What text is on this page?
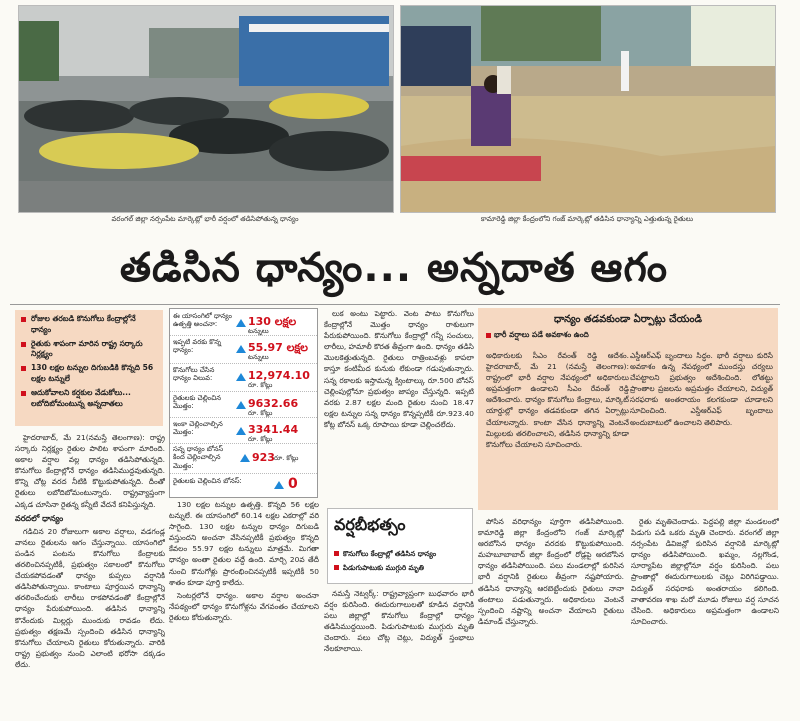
వరంగల్ జిల్లా నర్సంపేట మార్కెట్లో భారీ వర్షంలో తడిసిపోతున్న ధాన్యం	కామారెడ్డి జిల్లా కేంద్రంలోని గంజ్ మార్కెట్లో తడిసిన ధాన్యాన్ని ఎత్తుతున్న రైతులు
తడిసిన ధాన్యం... అన్నదాత ఆగం
రోజుల తరబడి కొనుగోలు కేంద్రాల్లోనే ధాన్యం
రైతుకు శాపంగా మారిన రాష్ట్ర సర్కారు నిర్లక్ష్యం
130 లక్షల టన్నుల దిగుబడికి కొన్నది 56 లక్షల టన్నులే
ఆదుకోవాలని కర్షకుల వేడుకోలు... లబోదిబోమంటున్న అన్నదాతలు

హైదరాబాద్, మే 21(నమస్తే తెలంగాణ): రాష్ట్ర సర్కారు నిర్లక్ష్యం రైతుల పాలిట శాపంగా మారింది. అకాల వర్షాల వల్ల ధాన్యం తడిసిపోతున్నది. కొనుగోలు కేంద్రాల్లోనే ధాన్యం తడిసిముద్దవుతున్నది. కొన్ని చోట్ల వరద నీటికి కొట్టుకుపోతున్నది. దీంతో రైతులు లబోదిబోమంటున్నారు. రాష్ట్రవ్యాప్తంగా ఎక్కడ చూసినా రైతన్న కన్నీటి వేదనే కనిపిస్తున్నది.

వరదలో ధాన్యం

గడిచిన 20 రోజులుగా అకాల వర్షాలు, వడగండ్ల వానలు రైతులను ఆగం చేస్తున్నాయి. యాసంగిలో పండిన పంటను కొనుగోలు కేంద్రాలకు తరలించినప్పటికీ, ప్రభుత్వం సకాలంలో కొనుగోలు చేయకపోవడంతో ధాన్యం కుప్పలు వర్షానికి తడిసిపోతున్నాయి. కాంటాలు పూర్తయిన ధాన్యాన్ని తరలించేందుకు లారీలు రాకపోవడంతో కేంద్రాల్లోనే ధాన్యం పేరుకుపోయింది. తడిసిన ధాన్యాన్ని కొనేందుకు మిల్లర్లు ముందుకు రావడం లేదు. ప్రభుత్వం తక్షణమే స్పందించి తడిసిన ధాన్యాన్ని కొనుగోలు చేయాలని రైతులు కోరుతున్నారు. వారికి రాష్ట్ర ప్రభుత్వం నుంచి ఎలాంటి భరోసా దక్కడం లేదు.

ఈ యాసంగిలో ధాన్యం ఉత్పత్తి అంచనా:	130 లక్షల
టన్నులు
ఇప్పటి వరకు కొన్న ధాన్యం:	55.97 లక్షల
టన్నులు
కొనుగోలు చేసిన ధాన్యం విలువ:	12,974.10
రూ. కోట్లు
రైతులకు చెల్లించిన మొత్తం:	9632.66
రూ. కోట్లు
ఇంకా చెల్లించాల్సిన మొత్తం:	3341.44
రూ. కోట్లు
సన్న ధాన్యం బోనస్ కింద చెల్లించాల్సిన మొత్తం:
923 రూ. కోట్లు
రైతులకు చెల్లించిన బోనస్:	0

130 లక్షల టన్నుల ఉత్పత్తి. కొన్నది 56 లక్షల టన్నులే. ఈ యాసంగిలో 60.14 లక్షల ఎకరాల్లో వరి సాగైంది. 130 లక్షల టన్నుల ధాన్యం దిగుబడి వస్తుందని అంచనా వేసినప్పటికీ ప్రభుత్వం కొన్నది కేవలం 55.97 లక్షల టన్నులు మాత్రమే. మిగతా ధాన్యం అంతా రైతుల వద్దే ఉంది. మార్చి 20వ తేదీ నుంచి కొనుగోళ్లు ప్రారంభించినప్పటికీ ఇప్పటికీ 50 శాతం కూడా పూర్తి కాలేదు.

సెంటర్లలోనే ధాన్యం. అకాల వర్షాల అంచనా నేపథ్యంలో ధాన్యం కొనుగోళ్లను వేగవంతం చేయాలని రైతులు కోరుతున్నారు.

లుక అంటు పెట్టారు. వెంట పాటు కొనుగోలు కేంద్రాల్లోనే మొత్తం ధాన్యం రాశులుగా పేరుకుపోయింది. కొనుగోలు కేంద్రాల్లో గన్నీ సంచులు, లారీలు, హమాలీ కొరత తీవ్రంగా ఉంది. ధాన్యం తడిసి మొలకెత్తుతున్నది. రైతులు రాత్రింబవళ్లు కాపలా కాస్తూ కంటిమీద కునుకు లేకుండా గడుపుతున్నారు. సన్న రకాలకు ఇస్తామన్న క్వింటాల్కు రూ.500 బోనస్ చెల్లింపుల్లోనూ ప్రభుత్వం జాప్యం చేస్తున్నది. ఇప్పటి వరకు 2.87 లక్షల మంది రైతుల నుంచి 18.47 లక్షల టన్నుల సన్న ధాన్యం కొన్నప్పటికీ రూ.923.40 కోట్ల బోనస్ ఒక్క రూపాయి కూడా చెల్లించలేదు.

ధాన్యం తడవకుండా ఏర్పాట్లు చేయండి
భారీ వర్షాలు పడే అవకాశం ఉంది
అధికారులకు సీఎం రేవంత్ రెడ్డి ఆదేశం. హైదరాబాద్, మే 21 (నమస్తే తెలంగాణ): రాష్ట్రంలో భారీ వర్షాల నేపథ్యంలో అధికారులు అప్రమత్తంగా ఉండాలని సీఎం రేవంత్ రెడ్డి ఆదేశించారు. ధాన్యం కొనుగోలు కేంద్రాలు, మార్కెట్ యార్డుల్లో ధాన్యం తడవకుండా తగిన ఏర్పాట్లు చేయాలన్నారు. కాంటా వేసిన ధాన్యాన్ని వెంటనే మిల్లులకు తరలించాలని, తడిసిన ధాన్యాన్ని కూడా కొనుగోలు చేయాలని సూచించారు.
ఎస్డీఆర్ఎఫ్ బృందాలు సిద్ధం. భారీ వర్షాలు కురిసే అవకాశం ఉన్న నేపథ్యంలో ముందస్తు చర్యలు చేపట్టాలని ప్రభుత్వం ఆదేశించింది. లోతట్టు ప్రాంతాల ప్రజలను అప్రమత్తం చేయాలని, విద్యుత్ సరఫరాకు అంతరాయం కలగకుండా చూడాలని సూచించింది. ఎస్డీఆర్ఎఫ్ బృందాలు అందుబాటులో ఉంచాలని తెలిపారు.
వర్షబీభత్సం
కొనుగోలు కేంద్రాల్లో తడిసిన ధాన్యం
పిడుగుపాటుకు ముగ్గురి మృతి

నమస్తే నెట్వర్క్: రాష్ట్రవ్యాప్తంగా బుధవారం భారీ వర్షం కురిసింది. ఈదురుగాలులతో కూడిన వర్షానికి పలు జిల్లాల్లో కొనుగోలు కేంద్రాల్లో ధాన్యం తడిసిముద్దయింది. పిడుగుపాటుకు ముగ్గురు మృతి చెందారు. పలు చోట్ల చెట్లు, విద్యుత్ స్తంభాలు నేలకూలాయి.

పోసిన వరిధాన్యం పూర్తిగా తడిసిపోయింది. కామారెడ్డి జిల్లా కేంద్రంలోని గంజ్ మార్కెట్లో ఆరబోసిన ధాన్యం వరదకు కొట్టుకుపోయింది. మహబూబాబాద్ జిల్లా కేంద్రంలో రోడ్లపై ఆరబోసిన ధాన్యం తడిసిపోయింది. పలు మండలాల్లో కురిసిన భారీ వర్షానికి రైతులు తీవ్రంగా నష్టపోయారు. తడిసిన ధాన్యాన్ని ఆరబెట్టేందుకు రైతులు నానా తంటాలు పడుతున్నారు. అధికారులు వెంటనే స్పందించి నష్టాన్ని అంచనా వేయాలని రైతులు డిమాండ్ చేస్తున్నారు.

రైతు మృతిచెందాడు. పెద్దపల్లి జిల్లా మండలంలో పిడుగు పడి ఒకరు మృతి చెందారు. వరంగల్ జిల్లా నర్సంపేట డివిజన్లో కురిసిన వర్షానికి మార్కెట్లో ధాన్యం తడిసిపోయింది. ఖమ్మం, నల్లగొండ, సూర్యాపేట జిల్లాల్లోనూ వర్షం కురిసింది. పలు ప్రాంతాల్లో ఈదురుగాలులకు చెట్లు విరిగిపడ్డాయి. విద్యుత్ సరఫరాకు అంతరాయం కలిగింది. వాతావరణ శాఖ మరో మూడు రోజులు వర్ష సూచన చేసింది. అధికారులు అప్రమత్తంగా ఉండాలని సూచించారు.
